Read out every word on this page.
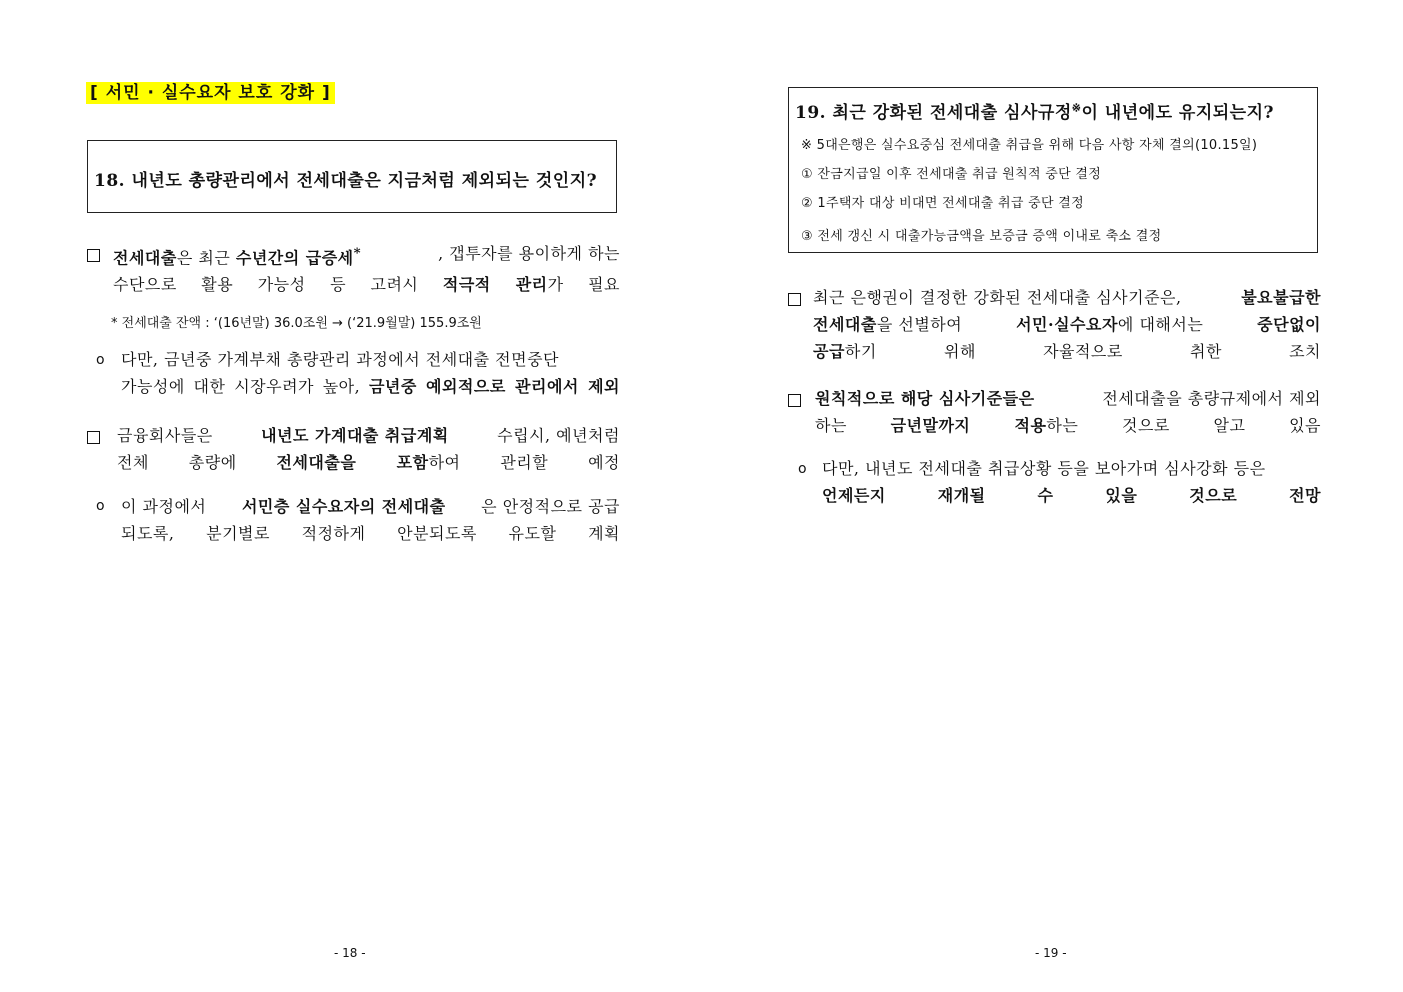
[ 서민 · 실수요자 보호 강화 ]
18. 내년도 총량관리에서 전세대출은 지금처럼 제외되는 것인지?
전세대출은 최근 수년간의 급증세*	, 갭투자를 용이하게 하는
수단으로 활용 가능성 등 고려시 적극적 관리가 필요
* 전세대출 잔액 : ‘(16년말) 36.0조원 → (‘21.9월말) 155.9조원
o 다만, 금년중 가계부채 총량관리 과정에서 전세대출 전면중단
가능성에 대한 시장우려가 높아, 금년중 예외적으로 관리에서 제외
금융회사들은	내년도 가계대출 취급계획	수립시, 예년처럼
전체 총량에 전세대출을 포함하여 관리할 예정
o 이 과정에서 서민층 실수요자의 전세대출 은 안정적으로 공급
되도록, 분기별로 적정하게 안분되도록 유도할 계획
- 18 -
19. 최근 강화된 전세대출 심사규정※이 내년에도 유지되는지?
※ 5대은행은 실수요중심 전세대출 취급을 위해 다음 사항 자체 결의(10.15일)
① 잔금지급일 이후 전세대출 취급 원칙적 중단 결정
② 1주택자 대상 비대면 전세대출 취급 중단 결정
③ 전세 갱신 시 대출가능금액을 보증금 증액 이내로 축소 결정
최근 은행권이 결정한 강화된 전세대출 심사기준은,	불요불급한
전세대출을 선별하여	서민·실수요자에 대해서는	중단없이
공급하기 위해 자율적으로 취한 조치
원칙적으로 해당 심사기준들은	전세대출을 총량규제에서 제외
하는 금년말까지 적용하는 것으로 알고 있음
o 다만, 내년도 전세대출 취급상황 등을 보아가며 심사강화 등은
언제든지 재개될 수 있을 것으로 전망
- 19 -
